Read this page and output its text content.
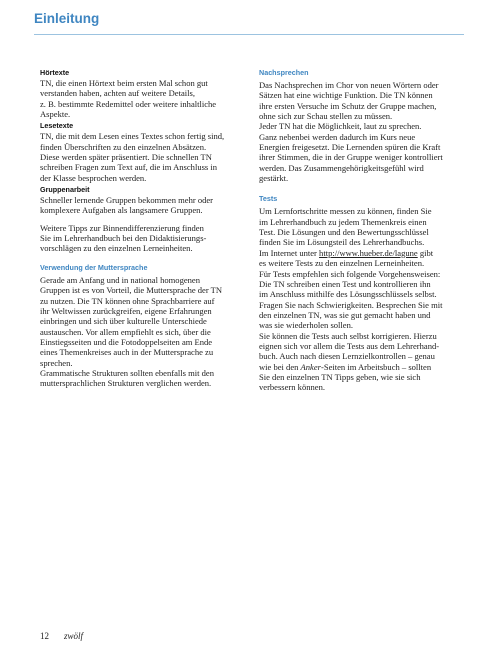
Einleitung
Hörtexte
TN, die einen Hörtext beim ersten Mal schon gut
verstanden haben, achten auf weitere Details,
z. B. bestimmte Redemittel oder weitere inhaltliche
Aspekte.
Lesetexte
TN, die mit dem Lesen eines Textes schon fertig sind,
finden Überschriften zu den einzelnen Absätzen.
Diese werden später präsentiert. Die schnellen TN
schreiben Fragen zum Text auf, die im Anschluss in
der Klasse besprochen werden.
Gruppenarbeit
Schneller lernende Gruppen bekommen mehr oder
komplexere Aufgaben als langsamere Gruppen.
Weitere Tipps zur Binnendifferenzierung finden
Sie im Lehrerhandbuch bei den Didaktisierungs-
vorschlägen zu den einzelnen Lerneinheiten.
Verwendung der Muttersprache
Gerade am Anfang und in national homogenen
Gruppen ist es von Vorteil, die Muttersprache der TN
zu nutzen. Die TN können ohne Sprachbarriere auf
ihr Weltwissen zurückgreifen, eigene Erfahrungen
einbringen und sich über kulturelle Unterschiede
austauschen. Vor allem empfiehlt es sich, über die
Einstiegsseiten und die Fotodoppelseiten am Ende
eines Themenkreises auch in der Muttersprache zu
sprechen.
Grammatische Strukturen sollten ebenfalls mit den
muttersprachlichen Strukturen verglichen werden.
Nachsprechen
Das Nachsprechen im Chor von neuen Wörtern oder
Sätzen hat eine wichtige Funktion. Die TN können
ihre ersten Versuche im Schutz der Gruppe machen,
ohne sich zur Schau stellen zu müssen.
Jeder TN hat die Möglichkeit, laut zu sprechen.
Ganz nebenbei werden dadurch im Kurs neue
Energien freigesetzt. Die Lernenden spüren die Kraft
ihrer Stimmen, die in der Gruppe weniger kontrolliert
werden. Das Zusammengehörigkeitsgefühl wird
gestärkt.
Tests
Um Lernfortschritte messen zu können, finden Sie
im Lehrerhandbuch zu jedem Themenkreis einen
Test. Die Lösungen und den Bewertungsschlüssel
finden Sie im Lösungsteil des Lehrerhandbuchs.
Im Internet unter http://www.hueber.de/lagune gibt
es weitere Tests zu den einzelnen Lerneinheiten.
Für Tests empfehlen sich folgende Vorgehensweisen:
Die TN schreiben einen Test und kontrollieren ihn
im Anschluss mithilfe des Lösungsschlüssels selbst.
Fragen Sie nach Schwierigkeiten. Besprechen Sie mit
den einzelnen TN, was sie gut gemacht haben und
was sie wiederholen sollen.
Sie können die Tests auch selbst korrigieren. Hierzu
eignen sich vor allem die Tests aus dem Lehrerhand-
buch. Auch nach diesen Lernzielkontrollen – genau
wie bei den Anker-Seiten im Arbeitsbuch – sollten
Sie den einzelnen TN Tipps geben, wie sie sich
verbessern können.
12 zwölf
